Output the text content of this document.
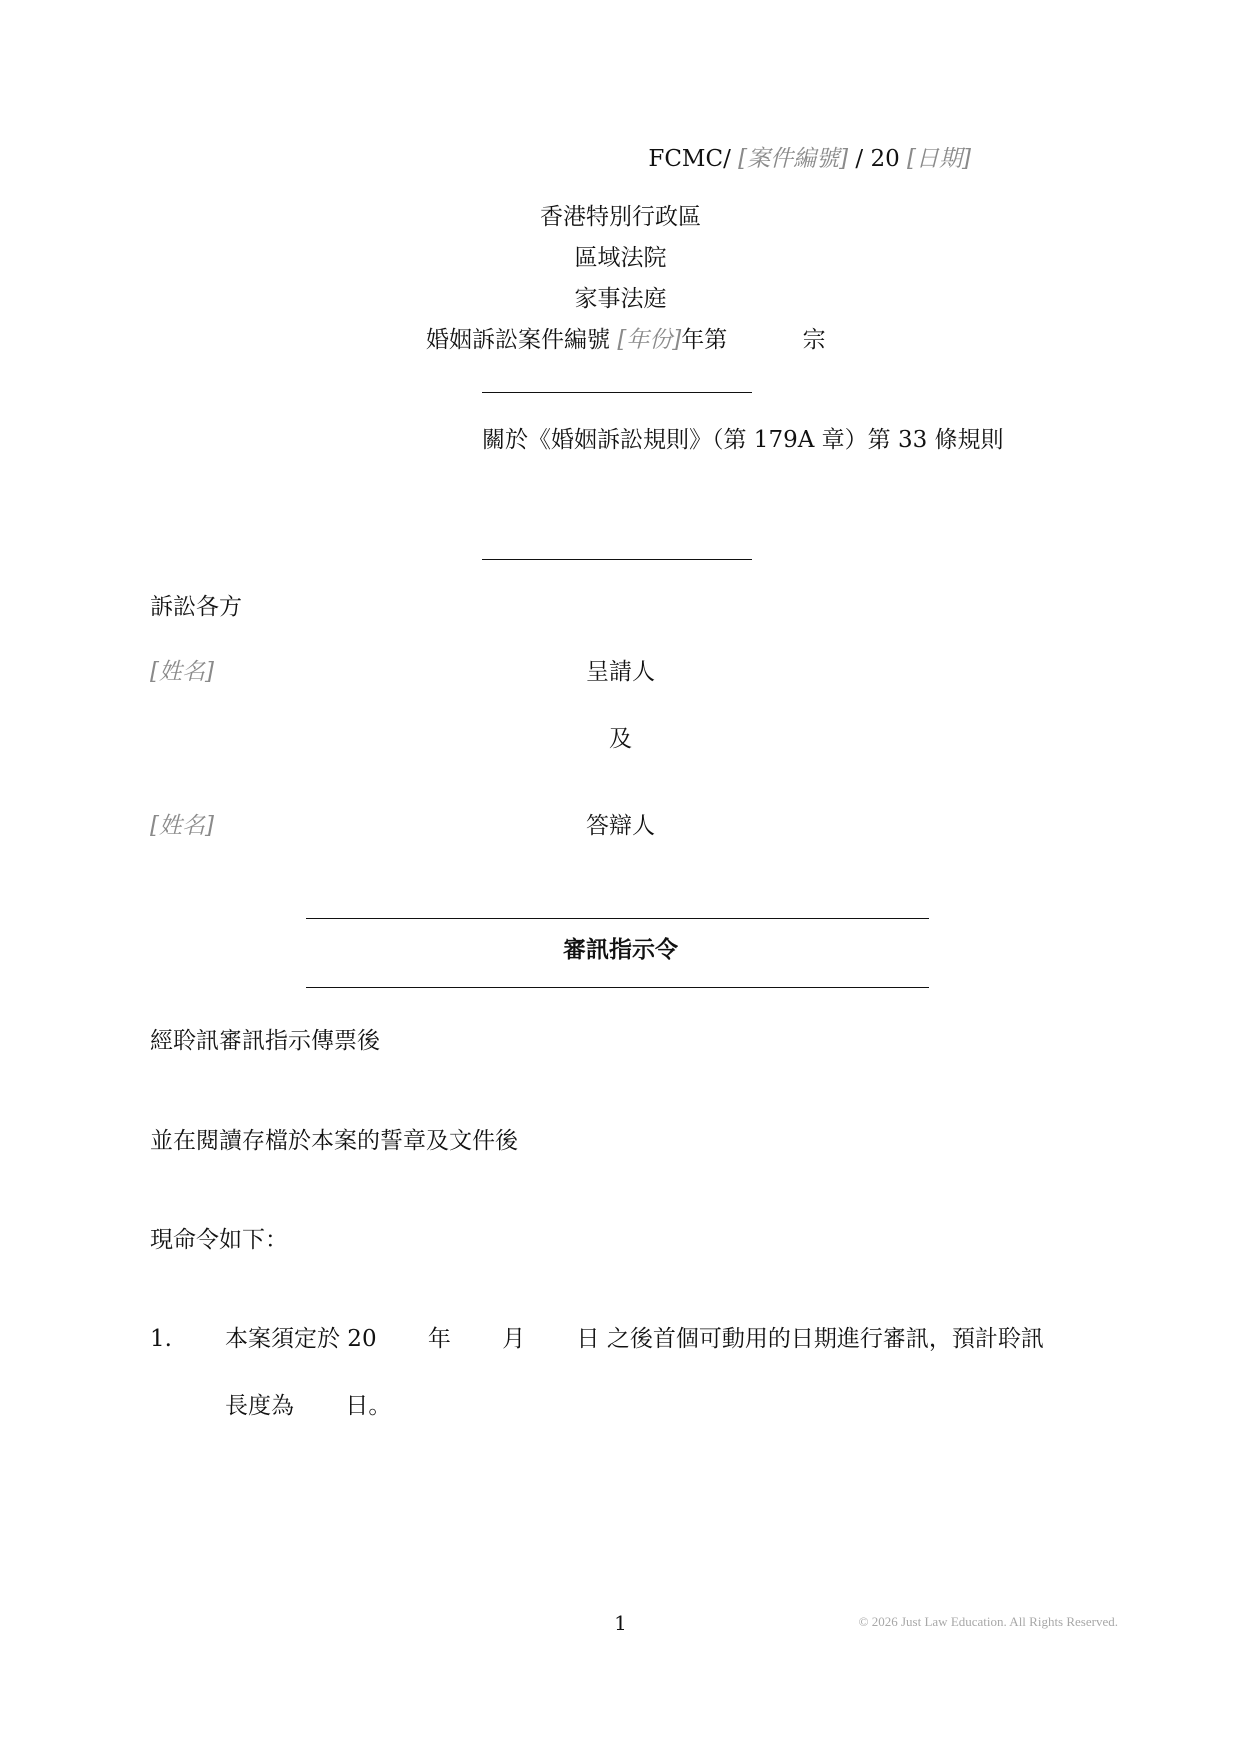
FCMC/ [案件編號] / 20 [日期]
香港特別行政區
區域法院
家事法庭
婚姻訴訟案件編號 [年份]年第	宗
關於《婚姻訴訟規則》（第 179A 章）第 33 條規則
訴訟各方
[姓名]	呈請人
及
[姓名]	答辯人
審訊指示令
經聆訊審訊指示傳票後
並在閱讀存檔於本案的誓章及文件後
現命令如下：
1. 本案須定於 20 年 月 日 之後首個可動用的日期進行審訊，預計聆訊
長度為 日。
1	© 2026 Just Law Education. All Rights Reserved.
